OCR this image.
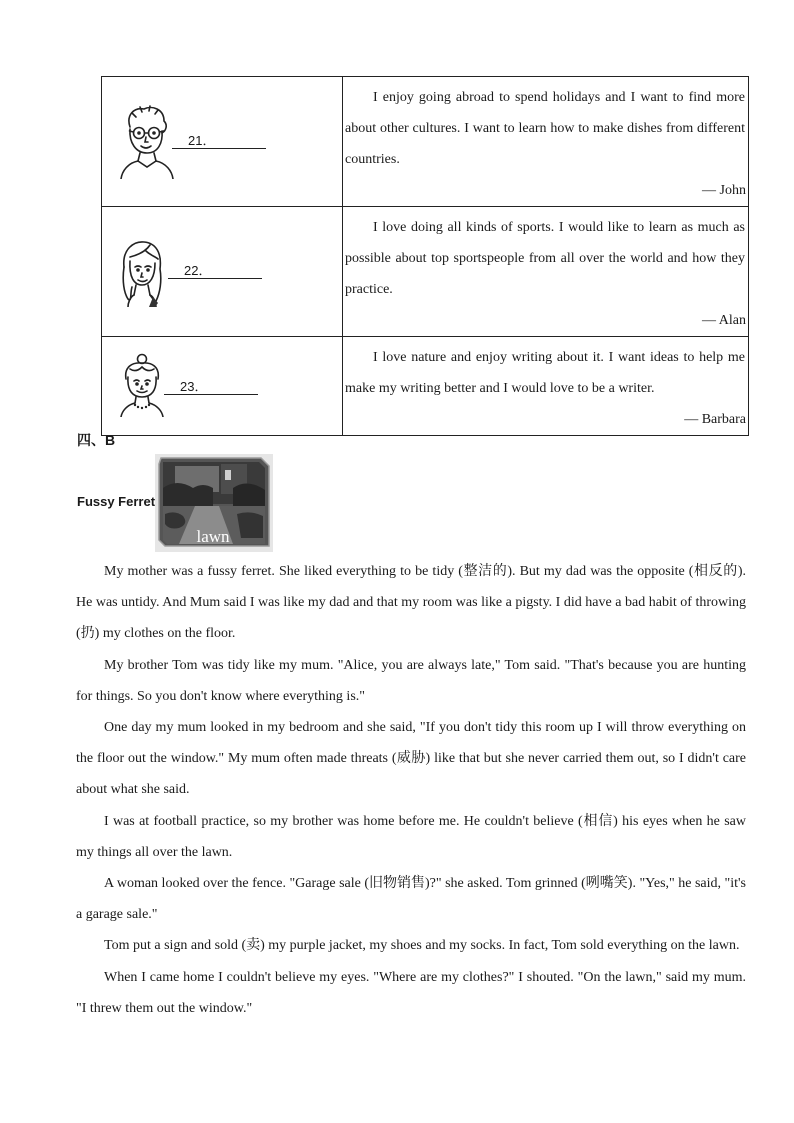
21．	I enjoy going abroad to spend holidays and I want to find more about other cultures. I want to learn how to make dishes from different countries.
— John

22．	I love doing all kinds of sports. I would like to learn as much as possible about top sportspeople from all over the world and how they practice.
— Alan

23．	I love nature and enjoy writing about it. I want ideas to help me make my writing better and I would love to be a writer.
— Barbara
四、B
Fussy Ferret
lawn

My mother was a fussy ferret. She liked everything to be tidy (整洁的). But my dad was the opposite (相反的). He was untidy. And Mum said I was like my dad and that my room was like a pigsty. I did have a bad habit of throwing (扔) my clothes on the floor.

My brother Tom was tidy like my mum. "Alice, you are always late," Tom said. "That's because you are hunting for things. So you don't know where everything is."

One day my mum looked in my bedroom and she said, "If you don't tidy this room up I will throw everything on the floor out the window." My mum often made threats (威胁) like that but she never carried them out, so I didn't care about what she said.

I was at football practice, so my brother was home before me. He couldn't believe (相信) his eyes when he saw my things all over the lawn.

A woman looked over the fence. "Garage sale (旧物销售)?" she asked. Tom grinned (咧嘴笑). "Yes," he said, "it's a garage sale."

Tom put a sign and sold (卖) my purple jacket, my shoes and my socks. In fact, Tom sold everything on the lawn.

When I came home I couldn't believe my eyes. "Where are my clothes?" I shouted. "On the lawn," said my mum. "I threw them out the window."
